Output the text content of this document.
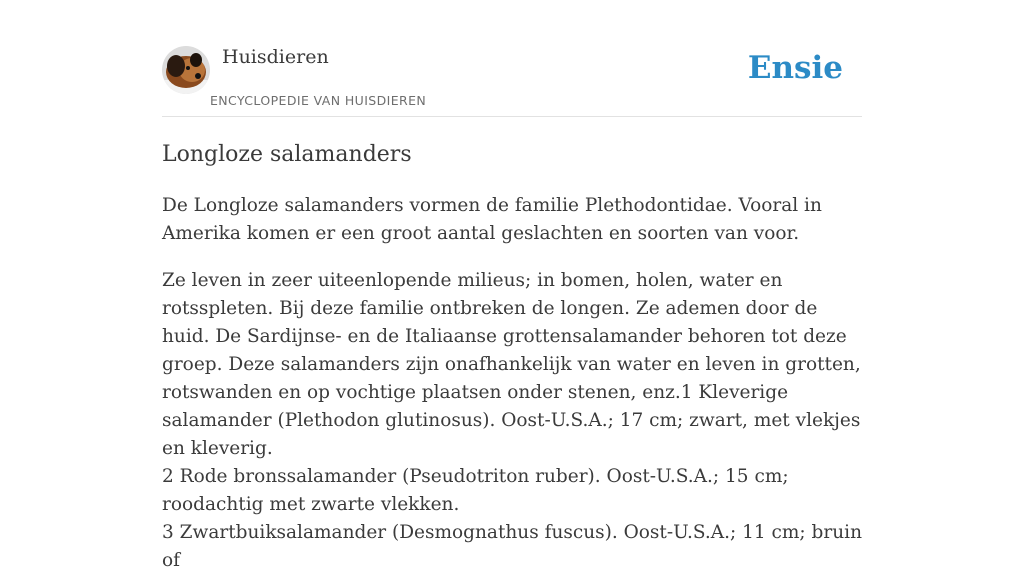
Huisdieren
ENCYCLOPEDIE VAN HUISDIEREN
Ensie
Longloze salamanders

De Longloze salamanders vormen de familie Plethodontidae. Vooral in Amerika komen er een groot aantal geslachten en soorten van voor.

Ze leven in zeer uiteenlopende milieus; in bomen, holen, water en rotsspleten. Bij deze familie ontbreken de longen. Ze ademen door de huid. De Sardijnse- en de Italiaanse grottensalamander behoren tot deze groep. Deze salamanders zijn onafhankelijk van water en leven in grotten, rotswanden en op vochtige plaatsen onder stenen, enz.1 Kleverige salamander (Plethodon glutinosus). Oost-U.S.A.; 17 cm; zwart, met vlekjes en kleverig.

2 Rode bronssalamander (Pseudotriton ruber). Oost-U.S.A.; 15 cm; roodachtig met zwarte vlekken.

3 Zwartbuiksalamander (Desmognathus fuscus). Oost-U.S.A.; 11 cm; bruin of
